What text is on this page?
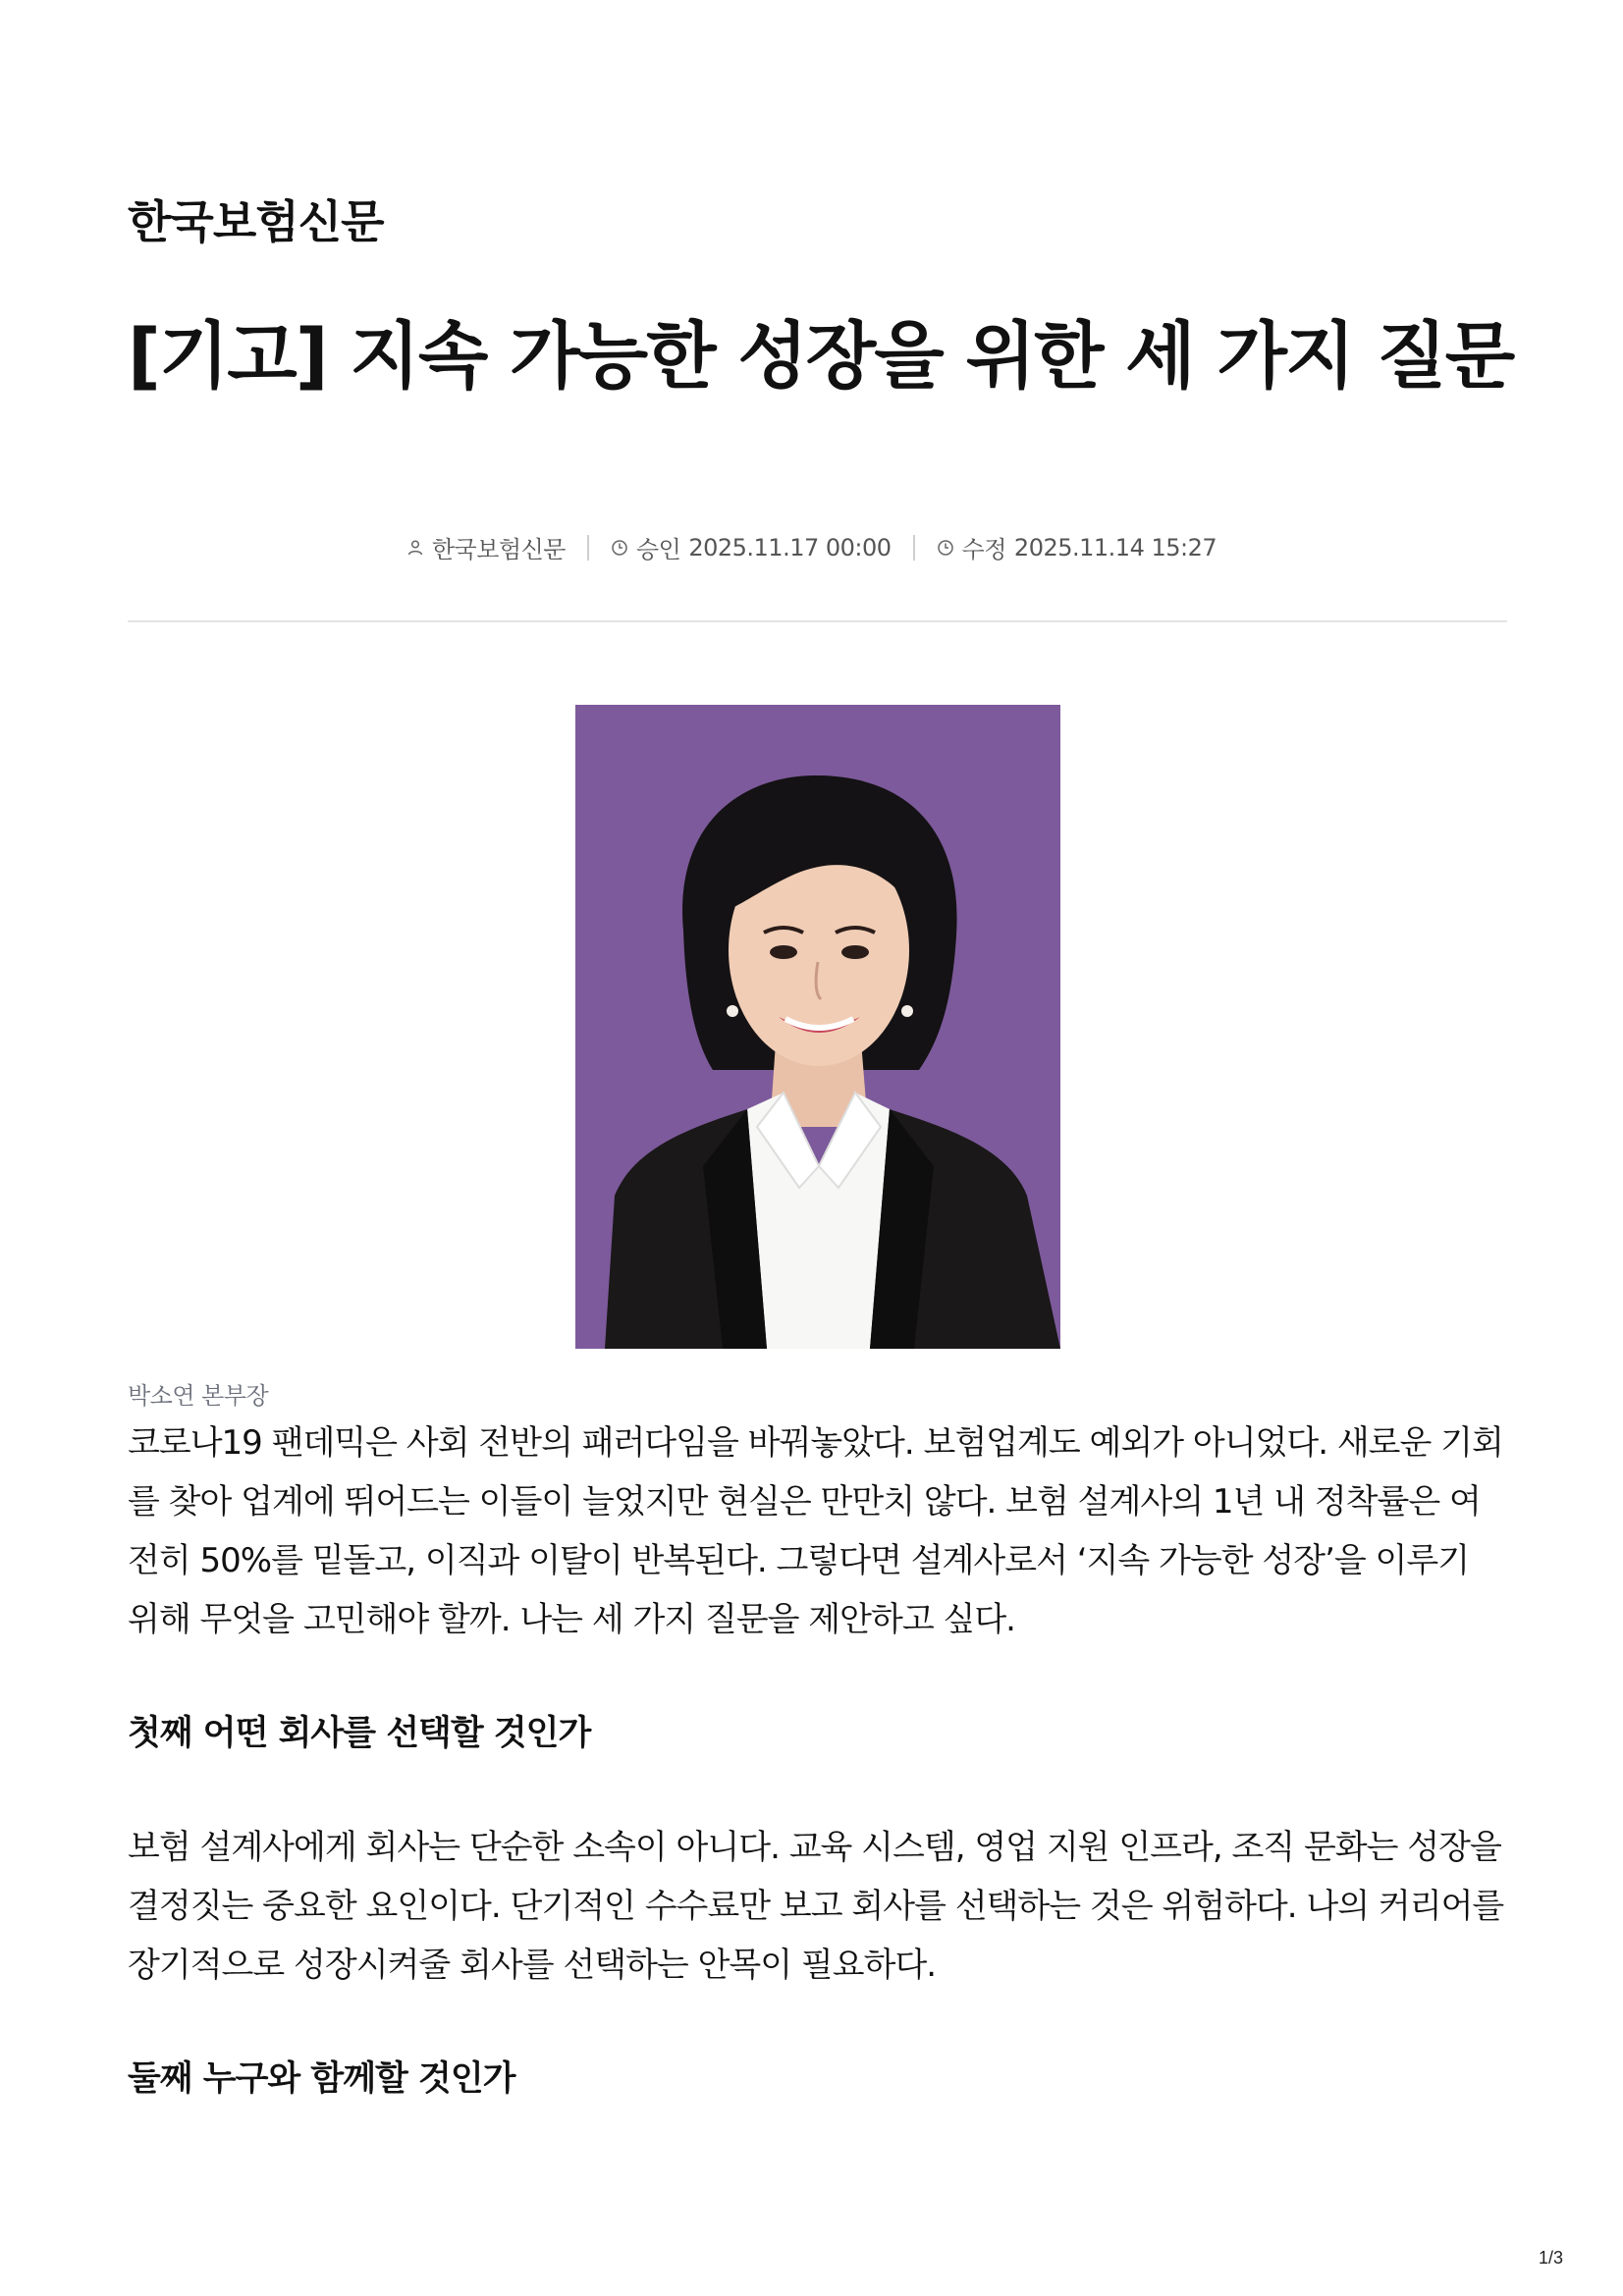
한국보험신문
[기고] 지속 가능한 성장을 위한 세 가지 질문
한국보험신문	승인 2025.11.17 00:00	수정 2025.11.14 15:27
박소연 본부장

코로나19 팬데믹은 사회 전반의 패러다임을 바꿔놓았다. 보험업계도 예외가 아니었다. 새로운 기회를 찾아 업계에 뛰어드는 이들이 늘었지만 현실은 만만치 않다. 보험 설계사의 1년 내 정착률은 여전히 50%를 밑돌고, 이직과 이탈이 반복된다. 그렇다면 설계사로서 ‘지속 가능한 성장’을 이루기 위해 무엇을 고민해야 할까. 나는 세 가지 질문을 제안하고 싶다.

첫째 어떤 회사를 선택할 것인가

보험 설계사에게 회사는 단순한 소속이 아니다. 교육 시스템, 영업 지원 인프라, 조직 문화는 성장을 결정짓는 중요한 요인이다. 단기적인 수수료만 보고 회사를 선택하는 것은 위험하다. 나의 커리어를 장기적으로 성장시켜줄 회사를 선택하는 안목이 필요하다.

둘째 누구와 함께할 것인가
1/3
